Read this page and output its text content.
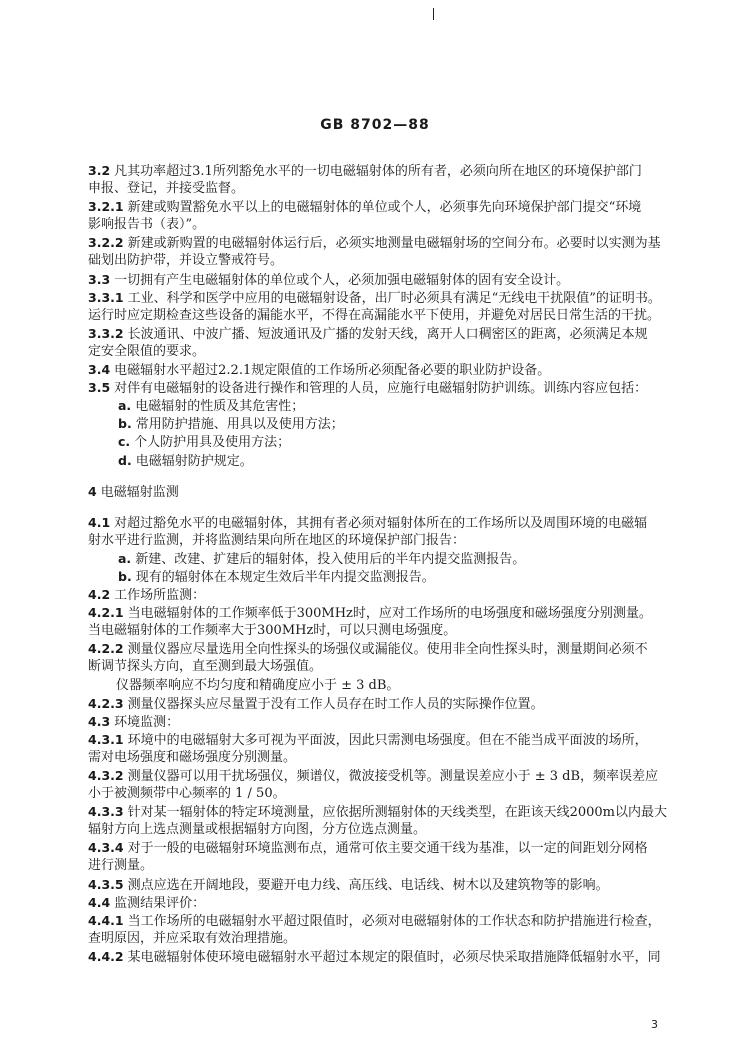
GB 8702—88
3.2 凡其功率超过3.1所列豁免水平的一切电磁辐射体的所有者，必须向所在地区的环境保护部门
申报、登记，并接受监督。
3.2.1 新建或购置豁免水平以上的电磁辐射体的单位或个人，必须事先向环境保护部门提交“环境
影响报告书（表）”。
3.2.2 新建或新购置的电磁辐射体运行后，必须实地测量电磁辐射场的空间分布。必要时以实测为基
础划出防护带，并设立警戒符号。
3.3 一切拥有产生电磁辐射体的单位或个人，必须加强电磁辐射体的固有安全设计。
3.3.1 工业、科学和医学中应用的电磁辐射设备，出厂时必须具有满足“无线电干扰限值”的证明书。
运行时应定期检查这些设备的漏能水平，不得在高漏能水平下使用，并避免对居民日常生活的干扰。
3.3.2 长波通讯、中波广播、短波通讯及广播的发射天线，离开人口稠密区的距离，必须满足本规
定安全限值的要求。
3.4 电磁辐射水平超过2.2.1规定限值的工作场所必须配备必要的职业防护设备。
3.5 对伴有电磁辐射的设备进行操作和管理的人员，应施行电磁辐射防护训练。训练内容应包括：
a. 电磁辐射的性质及其危害性；
b. 常用防护措施、用具以及使用方法；
c. 个人防护用具及使用方法；
d. 电磁辐射防护规定。
4 电磁辐射监测
4.1 对超过豁免水平的电磁辐射体，其拥有者必须对辐射体所在的工作场所以及周围环境的电磁辐
射水平进行监测，并将监测结果向所在地区的环境保护部门报告：
a. 新建、改建、扩建后的辐射体，投入使用后的半年内提交监测报告。
b. 现有的辐射体在本规定生效后半年内提交监测报告。
4.2 工作场所监测：
4.2.1 当电磁辐射体的工作频率低于300MHz时，应对工作场所的电场强度和磁场强度分别测量。
当电磁辐射体的工作频率大于300MHz时，可以只测电场强度。
4.2.2 测量仪器应尽量选用全向性探头的场强仪或漏能仪。使用非全向性探头时，测量期间必须不
断调节探头方向，直至测到最大场强值。
仪器频率响应不均匀度和精确度应小于 ± 3 dB。
4.2.3 测量仪器探头应尽量置于没有工作人员存在时工作人员的实际操作位置。
4.3 环境监测：
4.3.1 环境中的电磁辐射大多可视为平面波，因此只需测电场强度。但在不能当成平面波的场所，
需对电场强度和磁场强度分别测量。
4.3.2 测量仪器可以用干扰场强仪，频谱仪，微波接受机等。测量误差应小于 ± 3 dB，频率误差应
小于被测频带中心频率的 1 / 50。
4.3.3 针对某一辐射体的特定环境测量，应依据所测辐射体的天线类型，在距该天线2000m以内最大
辐射方向上选点测量或根据辐射方向图，分方位选点测量。
4.3.4 对于一般的电磁辐射环境监测布点，通常可依主要交通干线为基准，以一定的间距划分网格
进行测量。
4.3.5 测点应选在开阔地段，要避开电力线、高压线、电话线、树木以及建筑物等的影响。
4.4 监测结果评价：
4.4.1 当工作场所的电磁辐射水平超过限值时，必须对电磁辐射体的工作状态和防护措施进行检查，
查明原因，并应采取有效治理措施。
4.4.2 某电磁辐射体使环境电磁辐射水平超过本规定的限值时，必须尽快采取措施降低辐射水平，同
3
